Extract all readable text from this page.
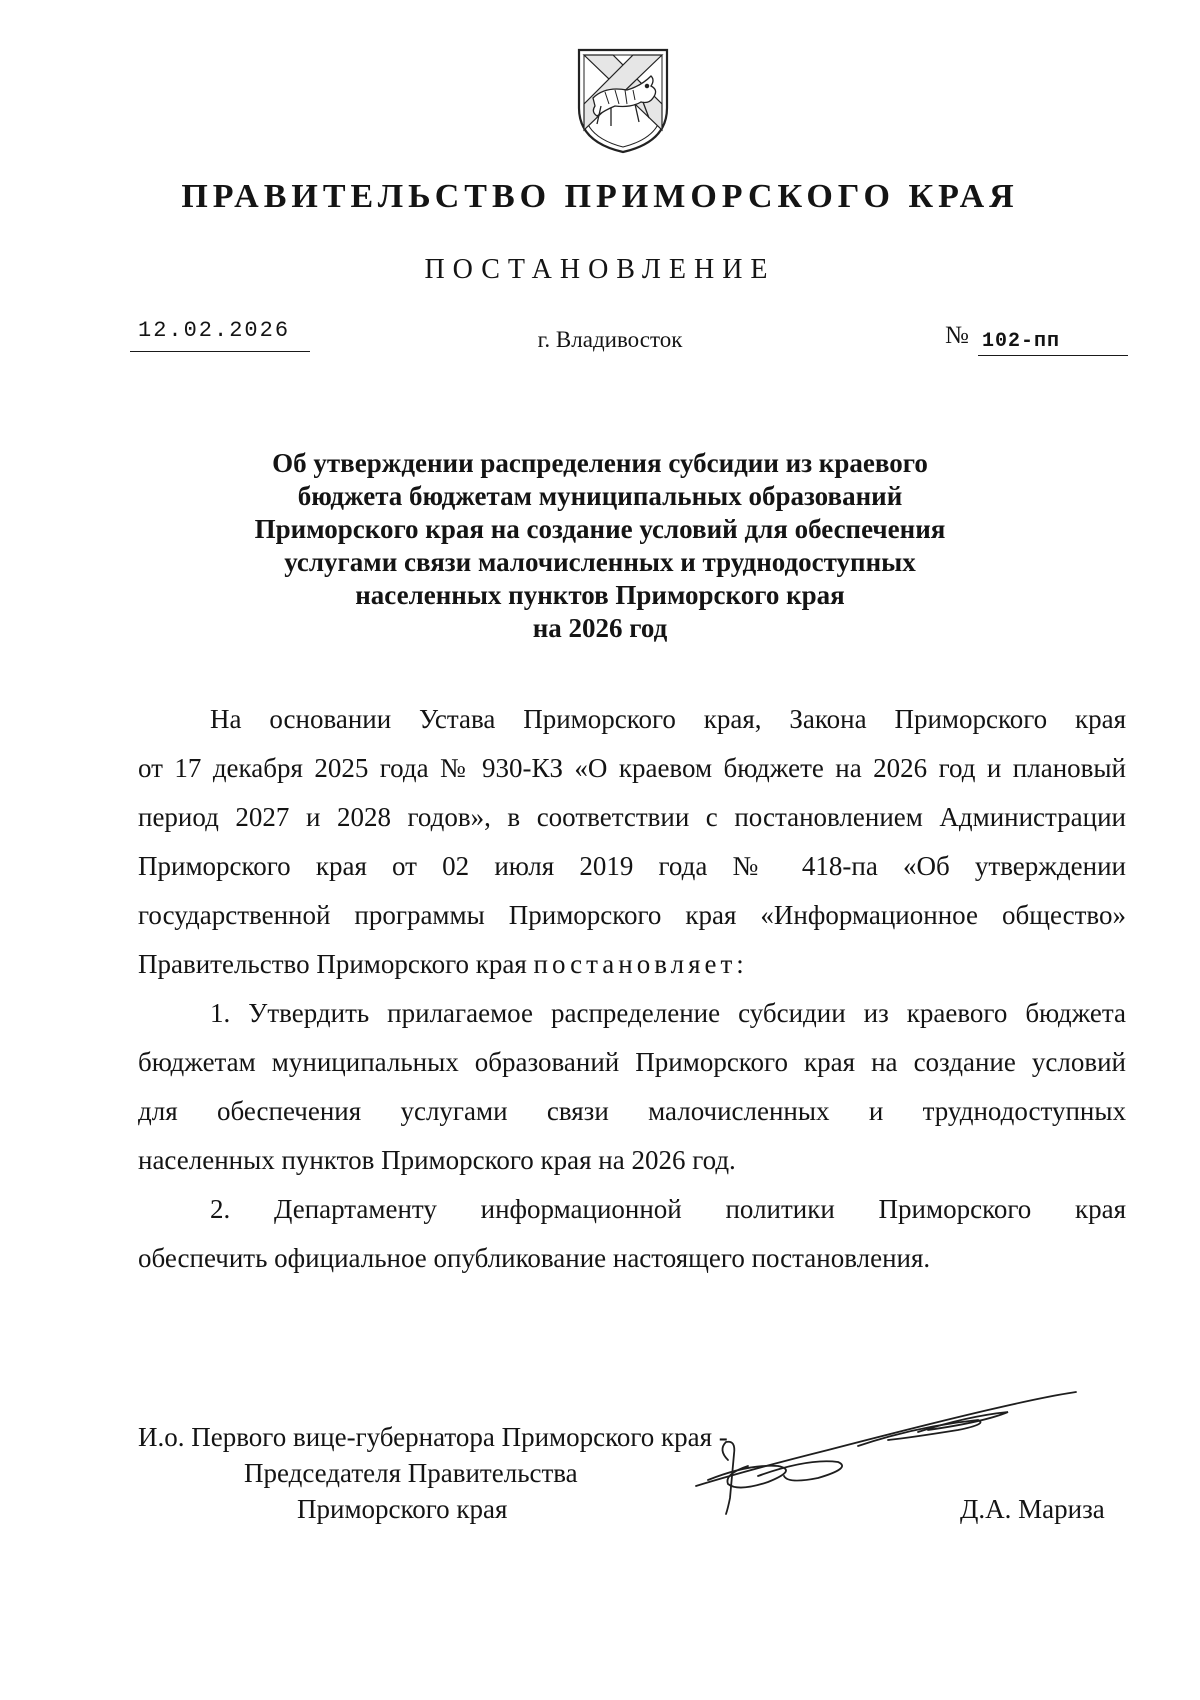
ПРАВИТЕЛЬСТВО ПРИМОРСКОГО КРАЯ
ПОСТАНОВЛЕНИЕ
12.02.2026	г. Владивосток	№ 102-пп
Об утверждении распределения субсидии из краевого
бюджета бюджетам муниципальных образований
Приморского края на создание условий для обеспечения
услугами связи малочисленных и труднодоступных
населенных пунктов Приморского края
на 2026 год
На основании Устава Приморского края, Закона Приморского края
от 17 декабря 2025 года № 930-КЗ «О краевом бюджете на 2026 год и плановый
период 2027 и 2028 годов», в соответствии с постановлением Администрации
Приморского края от 02 июля 2019 года № 418-па «Об утверждении
государственной программы Приморского края «Информационное общество»
Правительство Приморского края постановляет:
1. Утвердить прилагаемое распределение субсидии из краевого бюджета
бюджетам муниципальных образований Приморского края на создание условий
для обеспечения услугами связи малочисленных и труднодоступных
населенных пунктов Приморского края на 2026 год.
2. Департаменту информационной политики Приморского края
обеспечить официальное опубликование настоящего постановления.
И.о. Первого вице-губернатора Приморского края -
Председателя Правительства
Приморского края	Д.А. Мариза
